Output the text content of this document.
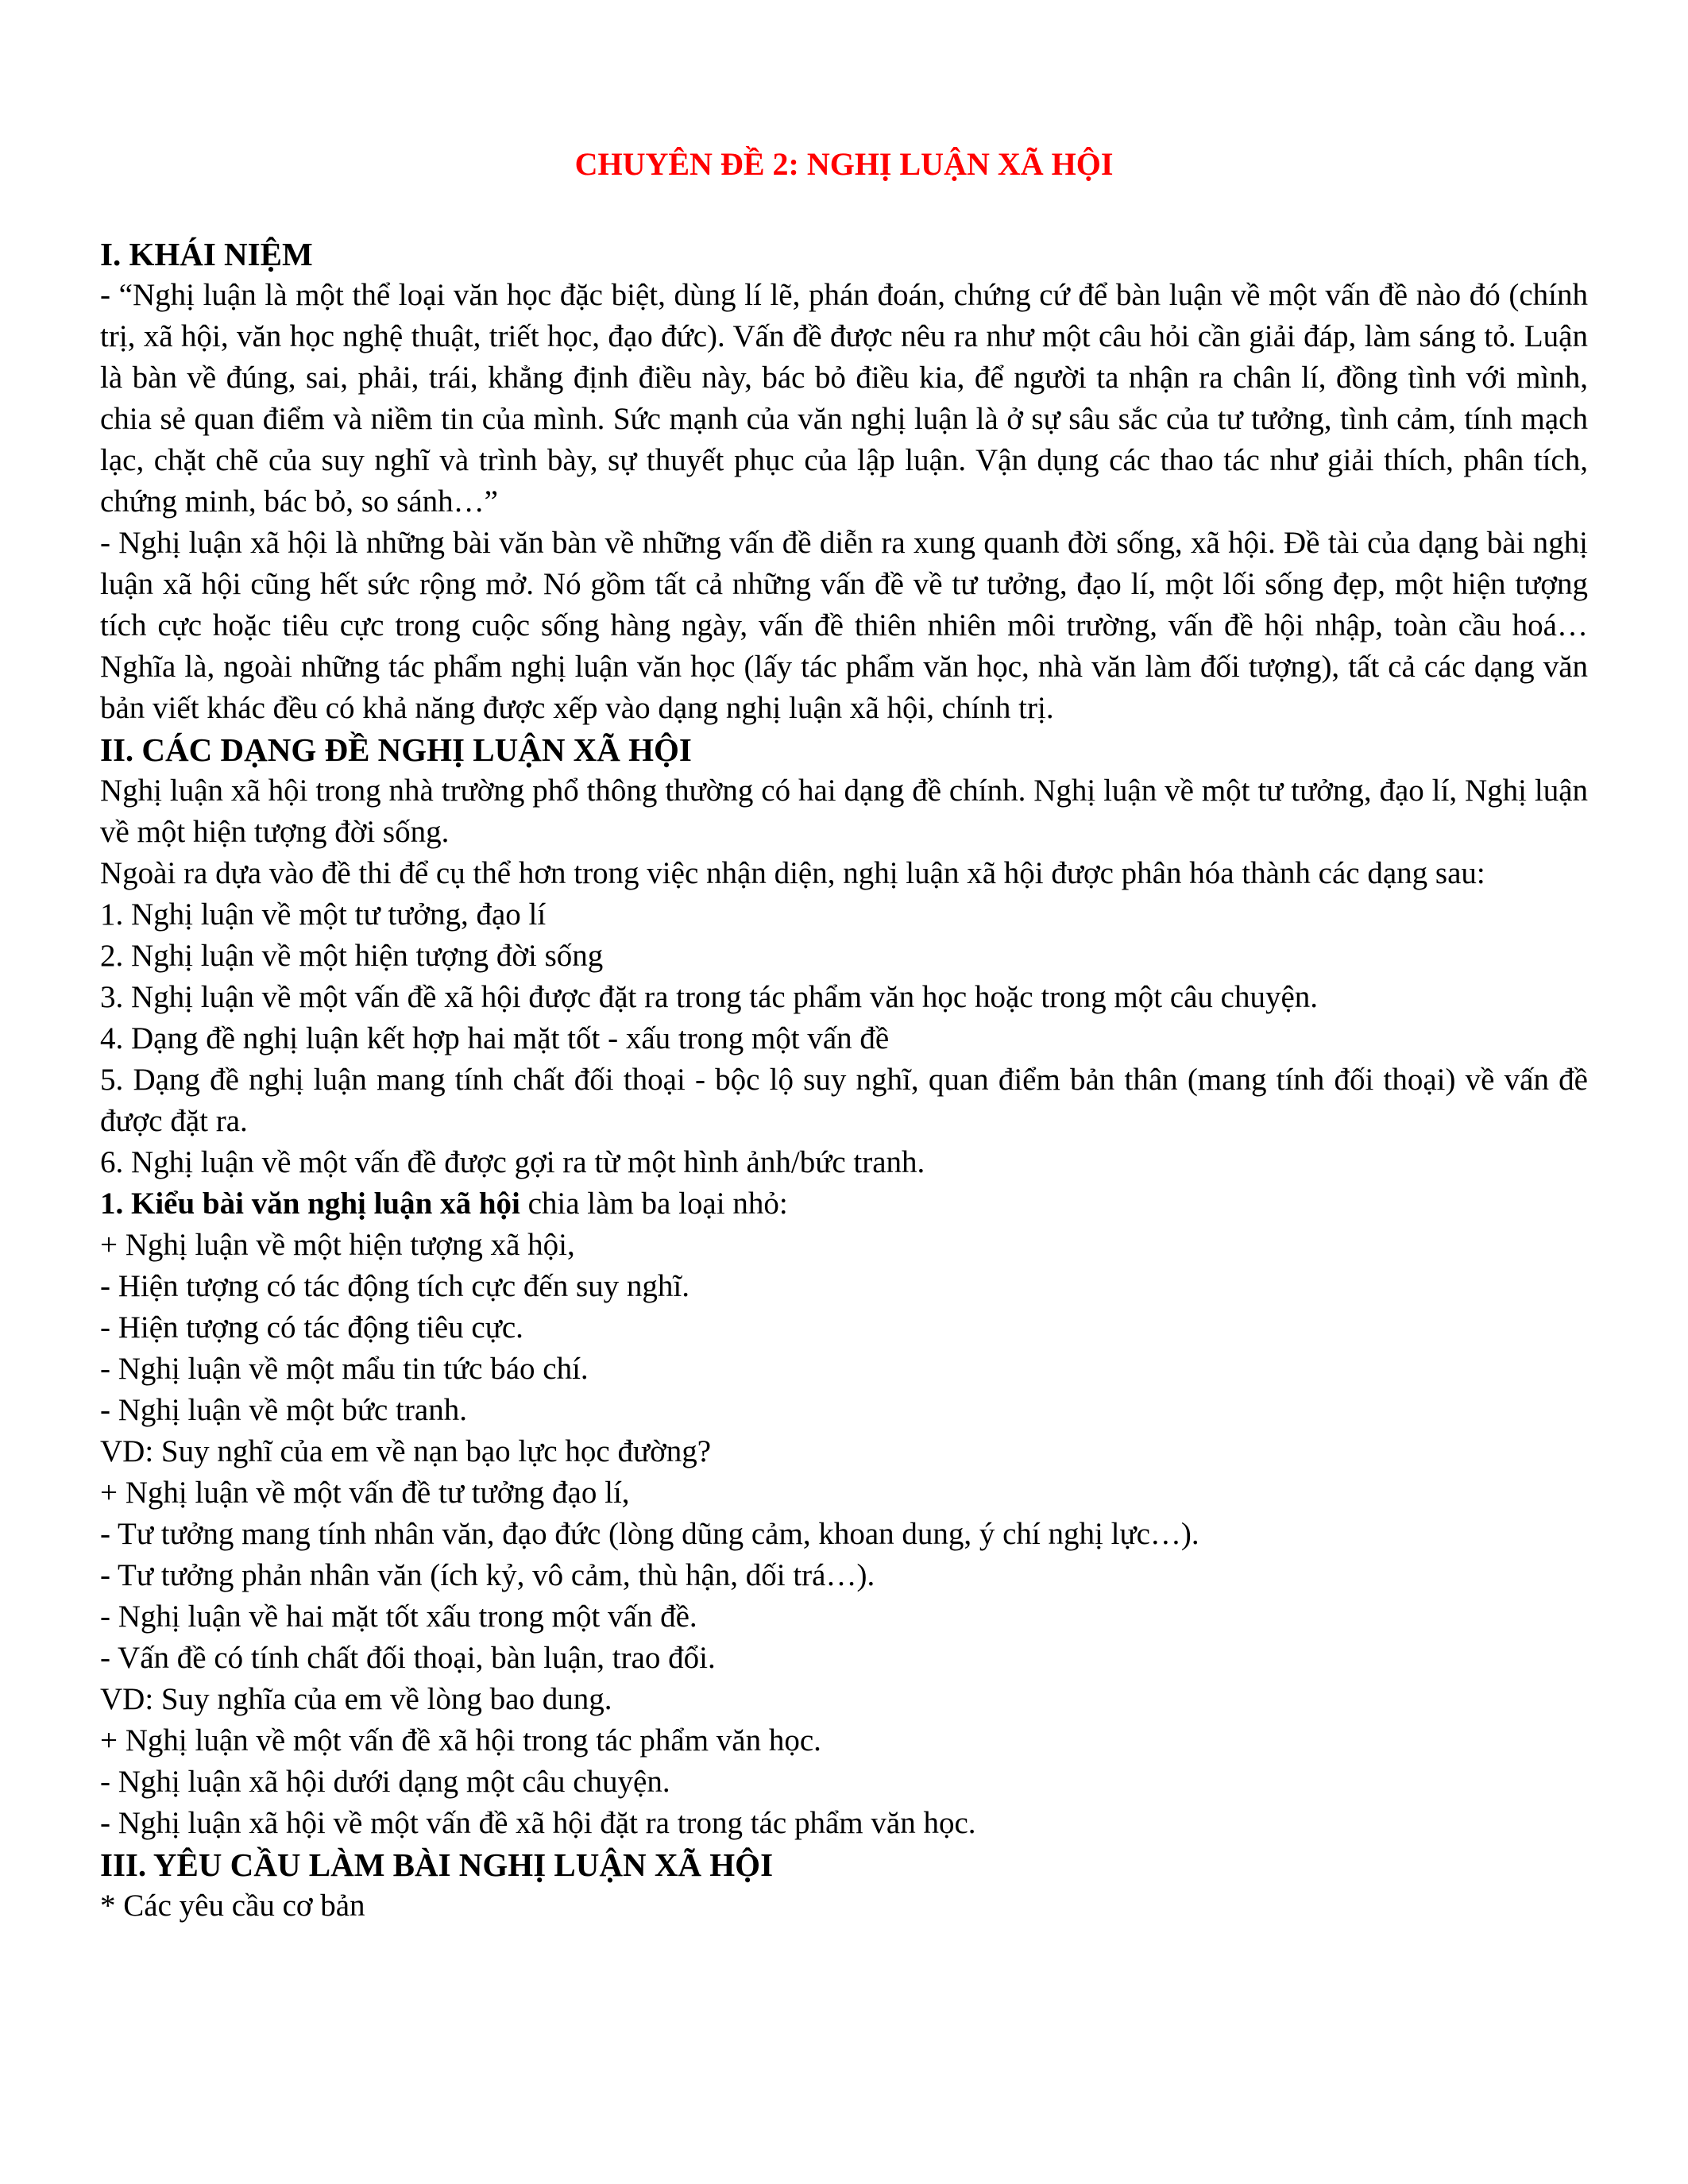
CHUYÊN ĐỀ 2: NGHỊ LUẬN XÃ HỘI

I. KHÁI NIỆM

- “Nghị luận là một thể loại văn học đặc biệt, dùng lí lẽ, phán đoán, chứng cứ để bàn luận về một vấn đề nào đó (chính trị, xã hội, văn học nghệ thuật, triết học, đạo đức). Vấn đề được nêu ra như một câu hỏi cần giải đáp, làm sáng tỏ. Luận là bàn về đúng, sai, phải, trái, khẳng định điều này, bác bỏ điều kia, để người ta nhận ra chân lí, đồng tình với mình, chia sẻ quan điểm và niềm tin của mình. Sức mạnh của văn nghị luận là ở sự sâu sắc của tư tưởng, tình cảm, tính mạch lạc, chặt chẽ của suy nghĩ và trình bày, sự thuyết phục của lập luận. Vận dụng các thao tác như giải thích, phân tích, chứng minh, bác bỏ, so sánh…”

- Nghị luận xã hội là những bài văn bàn về những vấn đề diễn ra xung quanh đời sống, xã hội. Đề tài của dạng bài nghị luận xã hội cũng hết sức rộng mở. Nó gồm tất cả những vấn đề về tư tưởng, đạo lí, một lối sống đẹp, một hiện tượng tích cực hoặc tiêu cực trong cuộc sống hàng ngày, vấn đề thiên nhiên môi trường, vấn đề hội nhập, toàn cầu hoá…Nghĩa là, ngoài những tác phẩm nghị luận văn học (lấy tác phẩm văn học, nhà văn làm đối tượng), tất cả các dạng văn bản viết khác đều có khả năng được xếp vào dạng nghị luận xã hội, chính trị.

II. CÁC DẠNG ĐỀ NGHỊ LUẬN XÃ HỘI

Nghị luận xã hội trong nhà trường phổ thông thường có hai dạng đề chính. Nghị luận về một tư tưởng, đạo lí, Nghị luận về một hiện tượng đời sống.

Ngoài ra dựa vào đề thi để cụ thể hơn trong việc nhận diện, nghị luận xã hội được phân hóa thành các dạng sau:

1. Nghị luận về một tư tưởng, đạo lí

2. Nghị luận về một hiện tượng đời sống

3. Nghị luận về một vấn đề xã hội được đặt ra trong tác phẩm văn học hoặc trong một câu chuyện.

4. Dạng đề nghị luận kết hợp hai mặt tốt - xấu trong một vấn đề

5. Dạng đề nghị luận mang tính chất đối thoại - bộc lộ suy nghĩ, quan điểm bản thân (mang tính đối thoại) về vấn đề được đặt ra.

6. Nghị luận về một vấn đề được gợi ra từ một hình ảnh/bức tranh.

1. Kiểu bài văn nghị luận xã hội chia làm ba loại nhỏ:

+ Nghị luận về một hiện tượng xã hội,

- Hiện tượng có tác động tích cực đến suy nghĩ.

- Hiện tượng có tác động tiêu cực.

- Nghị luận về một mẩu tin tức báo chí.

- Nghị luận về một bức tranh.

VD: Suy nghĩ của em về nạn bạo lực học đường?

+ Nghị luận về một vấn đề tư tưởng đạo lí,

- Tư tưởng mang tính nhân văn, đạo đức (lòng dũng cảm, khoan dung, ý chí nghị lực…).

- Tư tưởng phản nhân văn (ích kỷ, vô cảm, thù hận, dối trá…).

- Nghị luận về hai mặt tốt xấu trong một vấn đề.

- Vấn đề có tính chất đối thoại, bàn luận, trao đổi.

VD: Suy nghĩa của em về lòng bao dung.

+ Nghị luận về một vấn đề xã hội trong tác phẩm văn học.

- Nghị luận xã hội dưới dạng một câu chuyện.

- Nghị luận xã hội về một vấn đề xã hội đặt ra trong tác phẩm văn học.

III. YÊU CẦU LÀM BÀI NGHỊ LUẬN XÃ HỘI

* Các yêu cầu cơ bản
